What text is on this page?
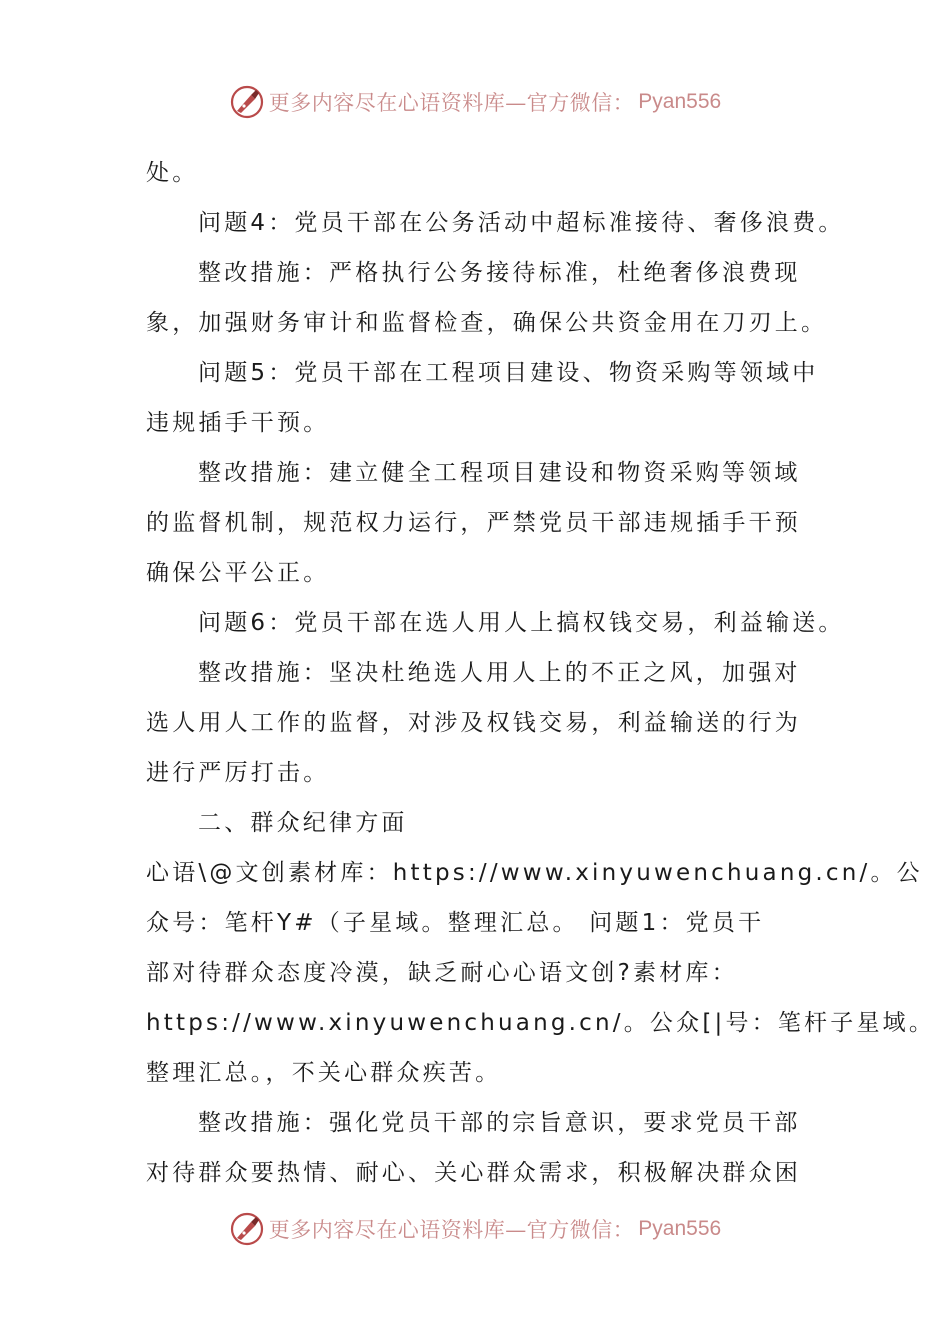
更多内容尽在心语资料库—官方微信： Pyan556
处。
问题4：党员干部在公务活动中超标准接待、奢侈浪费。
整改措施：严格执行公务接待标准，杜绝奢侈浪费现
象，加强财务审计和监督检查，确保公共资金用在刀刃上。
问题5：党员干部在工程项目建设、物资采购等领域中
违规插手干预。
整改措施：建立健全工程项目建设和物资采购等领域
的监督机制，规范权力运行，严禁党员干部违规插手干预
确保公平公正。
问题6：党员干部在选人用人上搞权钱交易，利益输送。
整改措施：坚决杜绝选人用人上的不正之风，加强对
选人用人工作的监督，对涉及权钱交易，利益输送的行为
进行严厉打击。
二、群众纪律方面
心语\@文创素材库：https://www.xinyuwenchuang.cn/。公
众号：笔杆Y#（子星域。整理汇总。 问题1：党员干
部对待群众态度冷漠，缺乏耐心心语文创?素材库：
https://www.xinyuwenchuang.cn/。公众[|号：笔杆子星域。
整理汇总。，不关心群众疾苦。
整改措施：强化党员干部的宗旨意识，要求党员干部
对待群众要热情、耐心、关心群众需求，积极解决群众困
更多内容尽在心语资料库—官方微信： Pyan556
